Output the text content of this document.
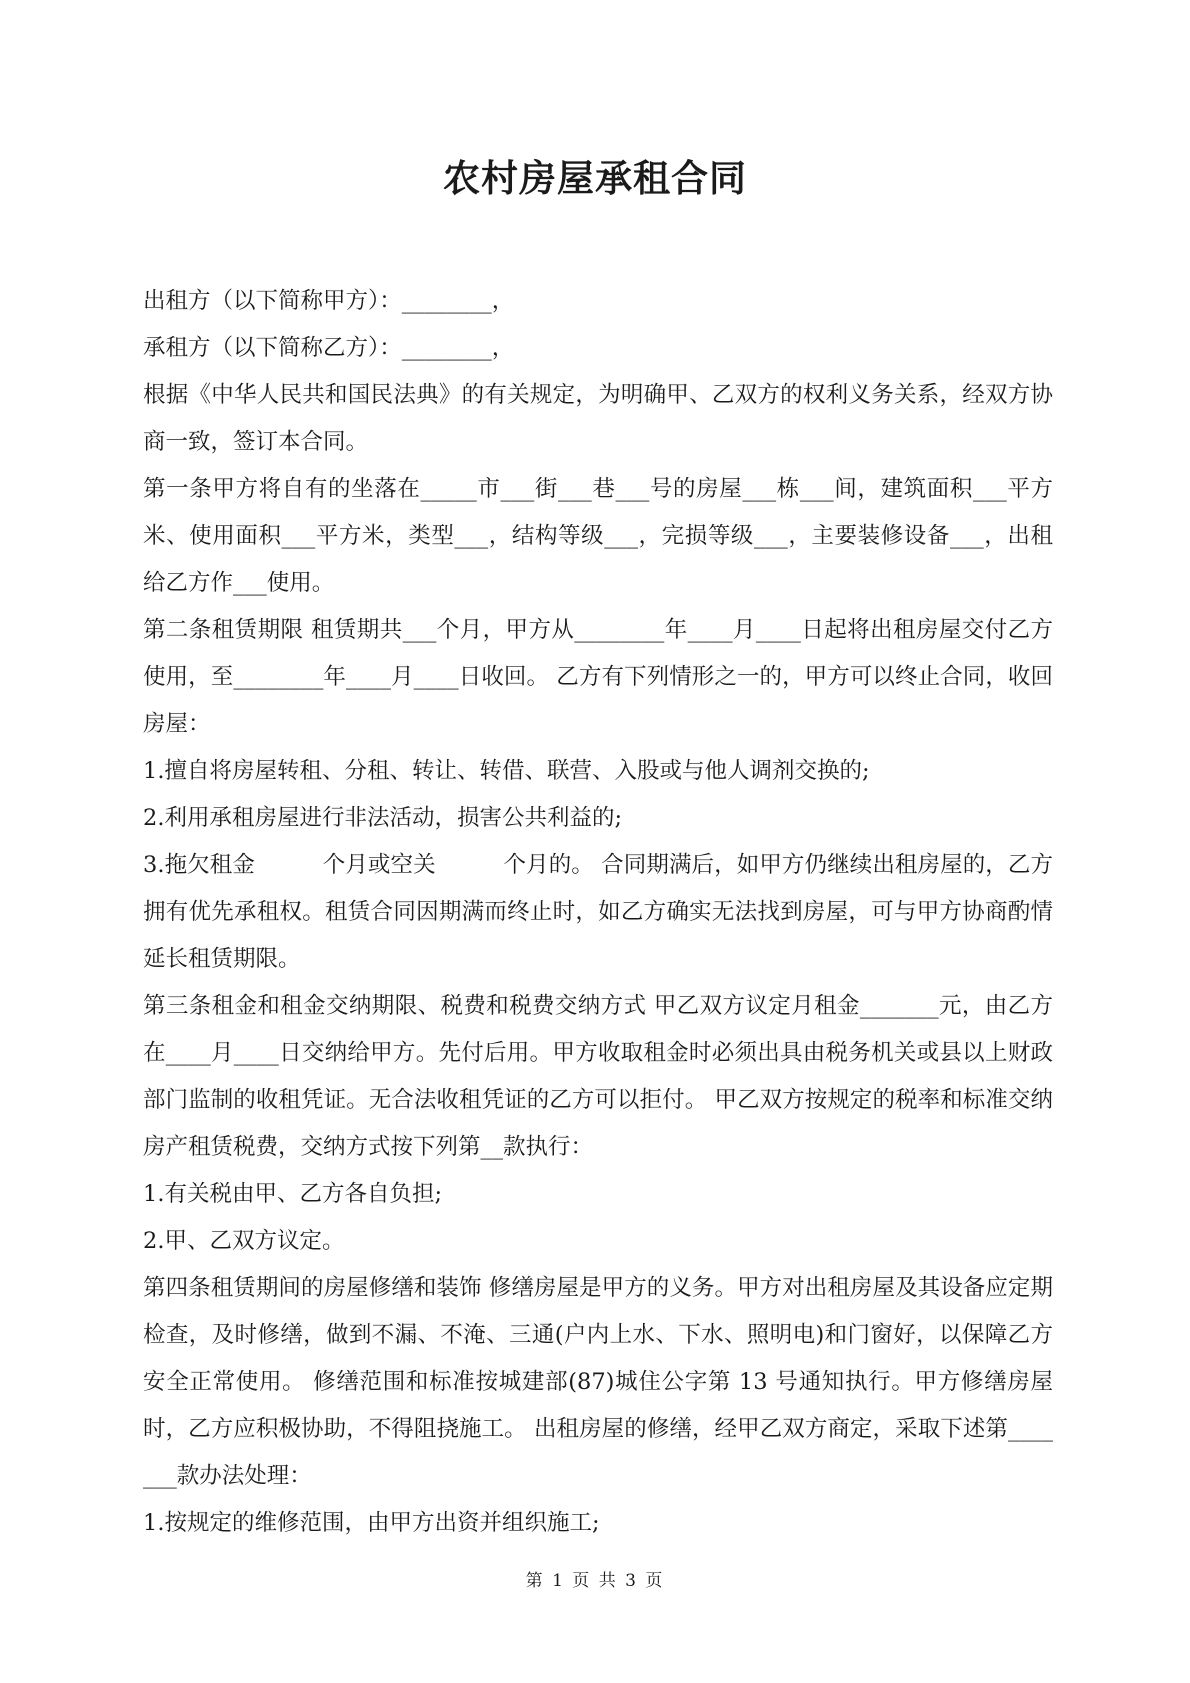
农村房屋承租合同

出租方（以下简称甲方）：________，

承租方（以下简称乙方）：________，

根据《中华人民共和国民法典》的有关规定，为明确甲、乙双方的权利义务关系，经双方协商一致，签订本合同。

第一条甲方将自有的坐落在_____市___街___巷___号的房屋___栋___间，建筑面积___平方米、使用面积___平方米，类型___，结构等级___，完损等级___，主要装修设备___，出租给乙方作___使用。

第二条租赁期限 租赁期共___个月，甲方从________年____月____日起将出租房屋交付乙方使用，至________年____月____日收回。 乙方有下列情形之一的，甲方可以终止合同，收回房屋：

1.擅自将房屋转租、分租、转让、转借、联营、入股或与他人调剂交换的;

2.利用承租房屋进行非法活动，损害公共利益的;

3.拖欠租金　　　个月或空关　　　个月的。 合同期满后，如甲方仍继续出租房屋的，乙方拥有优先承租权。租赁合同因期满而终止时，如乙方确实无法找到房屋，可与甲方协商酌情延长租赁期限。

第三条租金和租金交纳期限、税费和税费交纳方式 甲乙双方议定月租金_______元，由乙方在____月____日交纳给甲方。先付后用。甲方收取租金时必须出具由税务机关或县以上财政部门监制的收租凭证。无合法收租凭证的乙方可以拒付。 甲乙双方按规定的税率和标准交纳房产租赁税费，交纳方式按下列第__款执行：

1.有关税由甲、乙方各自负担;

2.甲、乙双方议定。

第四条租赁期间的房屋修缮和装饰 修缮房屋是甲方的义务。甲方对出租房屋及其设备应定期检查，及时修缮，做到不漏、不淹、三通(户内上水、下水、照明电)和门窗好，以保障乙方安全正常使用。 修缮范围和标准按城建部(87)城住公字第 13 号通知执行。甲方修缮房屋时，乙方应积极协助，不得阻挠施工。 出租房屋的修缮，经甲乙双方商定，采取下述第_______款办法处理：

1.按规定的维修范围，由甲方出资并组织施工;

第 1 页 共 3 页
